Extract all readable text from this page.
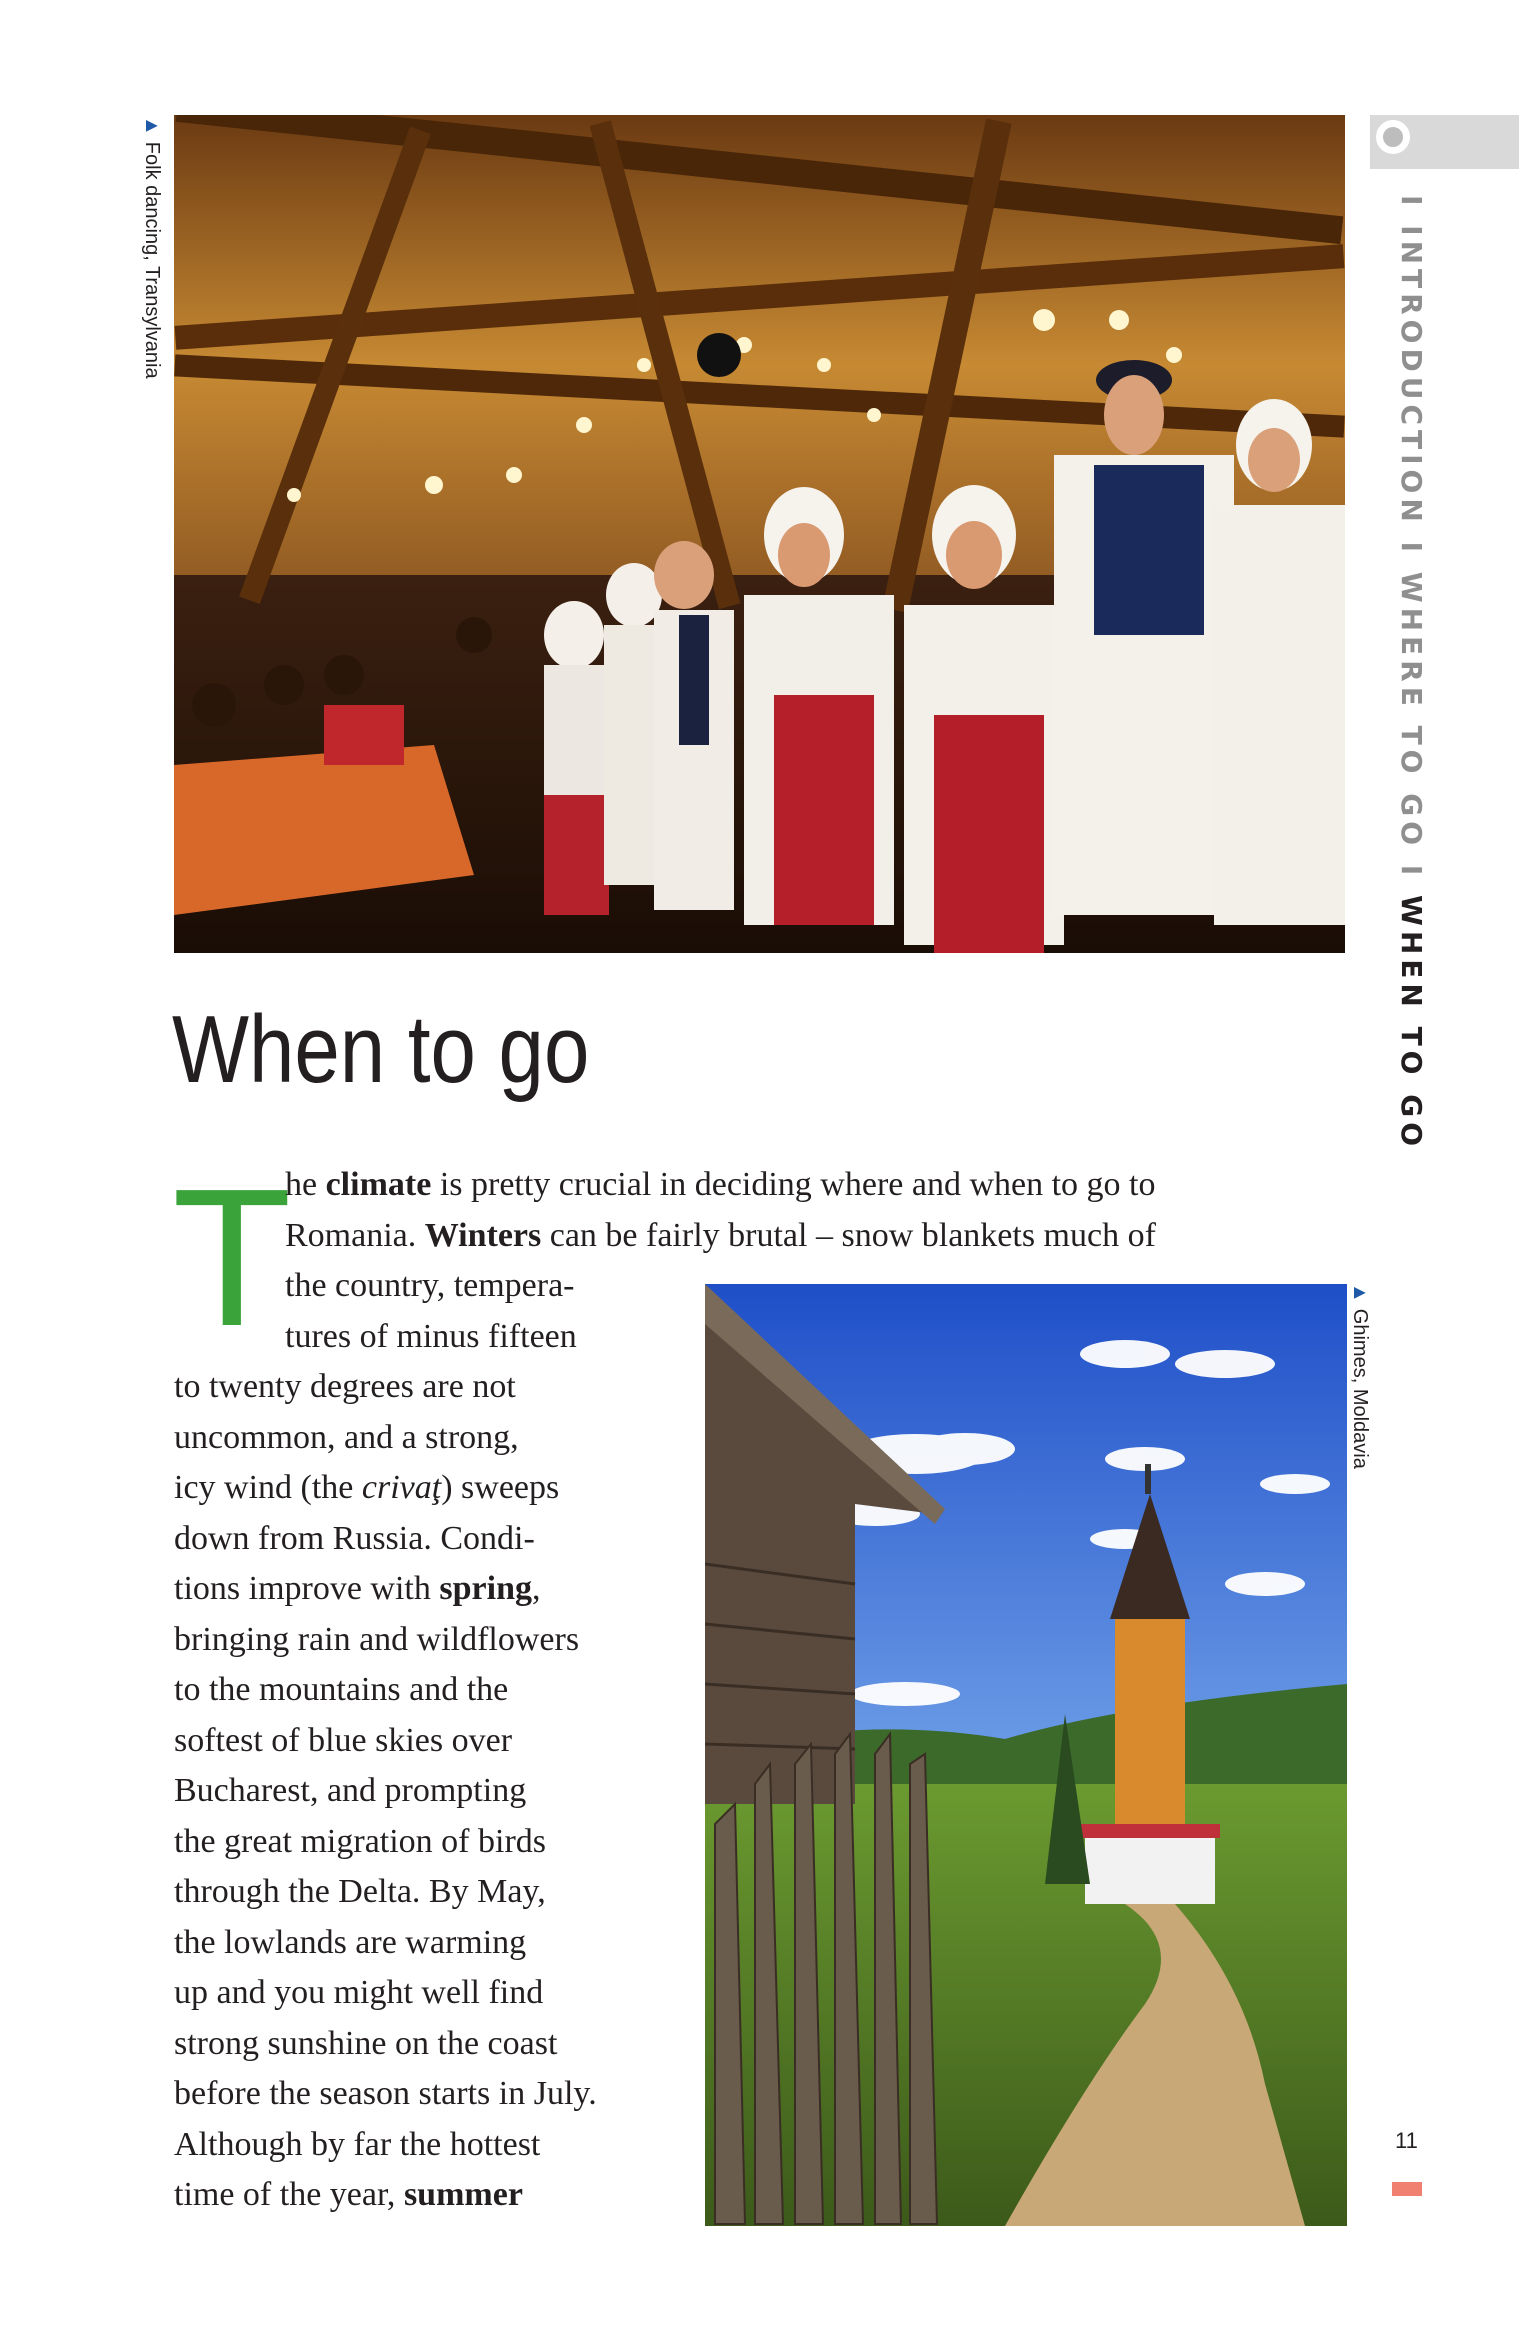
I INTRODUCTION I WHERE TO GO I WHEN TO GO
▲Folk dancing, Transylvania
▲Ghimes, Moldavia
When to go
T
he climate is pretty crucial in deciding where and when to go to
Romania. Winters can be fairly brutal – snow blankets much of
the country, tempera-
tures of minus fifteen
to twenty degrees are not
uncommon, and a strong,
icy wind (the crivaţ) sweeps
down from Russia. Condi-
tions improve with spring,
bringing rain and wildflowers
to the mountains and the
softest of blue skies over
Bucharest, and prompting
the great migration of birds
through the Delta. By May,
the lowlands are warming
up and you might well find
strong sunshine on the coast
before the season starts in July.
Although by far the hottest
time of the year, summer
11
